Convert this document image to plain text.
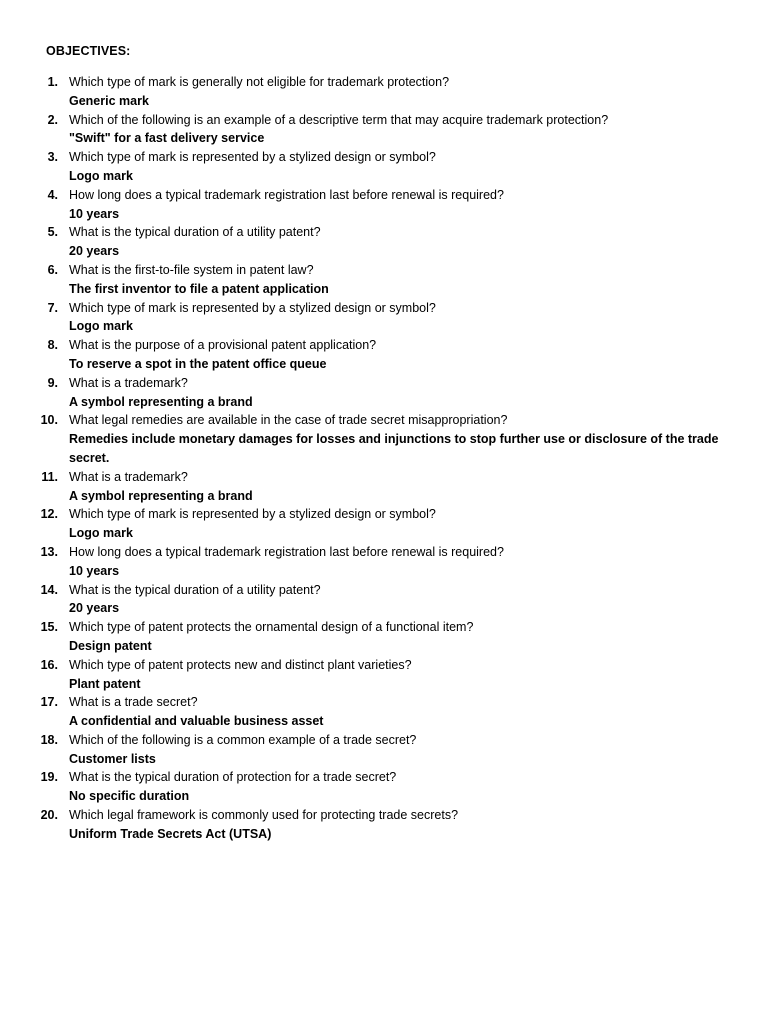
OBJECTIVES:
1. Which type of mark is generally not eligible for trademark protection?
Generic mark
2. Which of the following is an example of a descriptive term that may acquire trademark protection?
"Swift" for a fast delivery service
3. Which type of mark is represented by a stylized design or symbol?
Logo mark
4. How long does a typical trademark registration last before renewal is required?
10 years
5. What is the typical duration of a utility patent?
20 years
6. What is the first-to-file system in patent law?
The first inventor to file a patent application
7. Which type of mark is represented by a stylized design or symbol?
Logo mark
8. What is the purpose of a provisional patent application?
To reserve a spot in the patent office queue
9. What is a trademark?
A symbol representing a brand
10. What legal remedies are available in the case of trade secret misappropriation?
Remedies include monetary damages for losses and injunctions to stop further use or disclosure of the trade secret.
11. What is a trademark?
A symbol representing a brand
12. Which type of mark is represented by a stylized design or symbol?
Logo mark
13. How long does a typical trademark registration last before renewal is required?
10 years
14. What is the typical duration of a utility patent?
20 years
15. Which type of patent protects the ornamental design of a functional item?
Design patent
16. Which type of patent protects new and distinct plant varieties?
Plant patent
17. What is a trade secret?
A confidential and valuable business asset
18. Which of the following is a common example of a trade secret?
Customer lists
19. What is the typical duration of protection for a trade secret?
No specific duration
20. Which legal framework is commonly used for protecting trade secrets?
Uniform Trade Secrets Act (UTSA)
